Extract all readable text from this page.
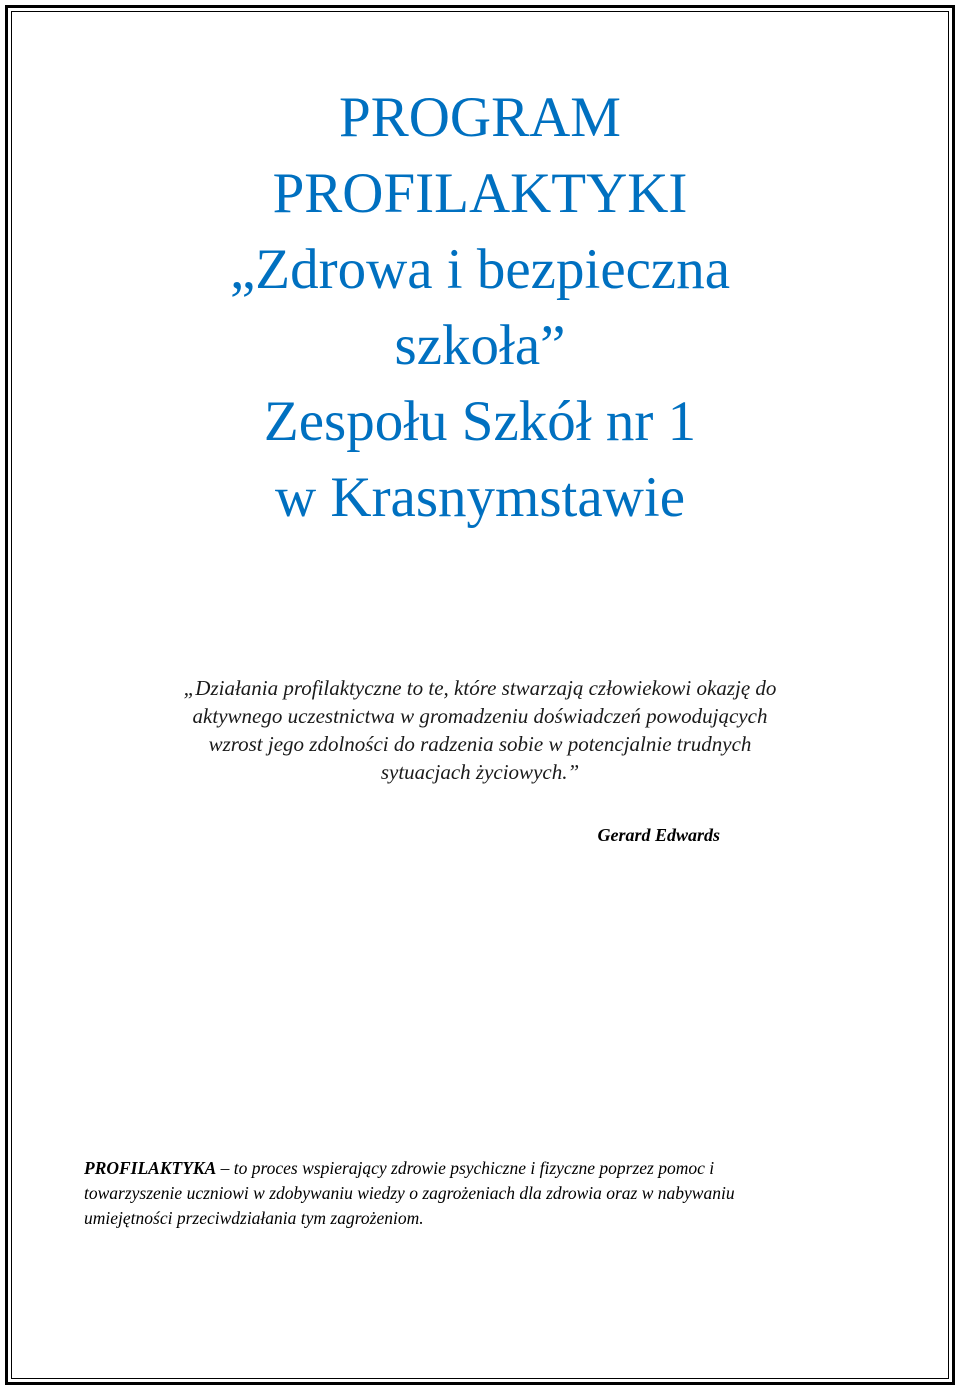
PROGRAM
PROFILAKTYKI
„Zdrowa i bezpieczna
szkoła”
Zespołu Szkół nr 1
w Krasnymstawie
„Działania profilaktyczne to te, które stwarzają człowiekowi okazję do
aktywnego uczestnictwa w gromadzeniu doświadczeń powodujących
wzrost jego zdolności do radzenia sobie w potencjalnie trudnych
sytuacjach życiowych.”
Gerard Edwards
PROFILAKTYKA – to proces wspierający zdrowie psychiczne i fizyczne poprzez pomoc i
towarzyszenie uczniowi w zdobywaniu wiedzy o zagrożeniach dla zdrowia oraz w nabywaniu
umiejętności przeciwdziałania tym zagrożeniom.
